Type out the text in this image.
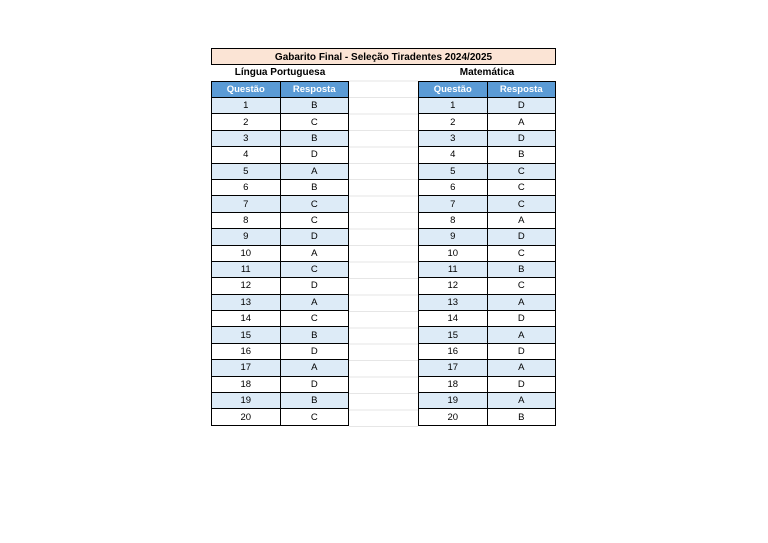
Gabarito Final - Seleção Tiradentes 2024/2025
Língua Portuguesa
Questão	Resposta
1	B
2	C
3	B
4	D
5	A
6	B
7	C
8	C
9	D
10	A
11	C
12	D
13	A
14	C
15	B
16	D
17	A
18	D
19	B
20	C
Matemática
Questão	Resposta
1	D
2	A
3	D
4	B
5	C
6	C
7	C
8	A
9	D
10	C
11	B
12	C
13	A
14	D
15	A
16	D
17	A
18	D
19	A
20	B
